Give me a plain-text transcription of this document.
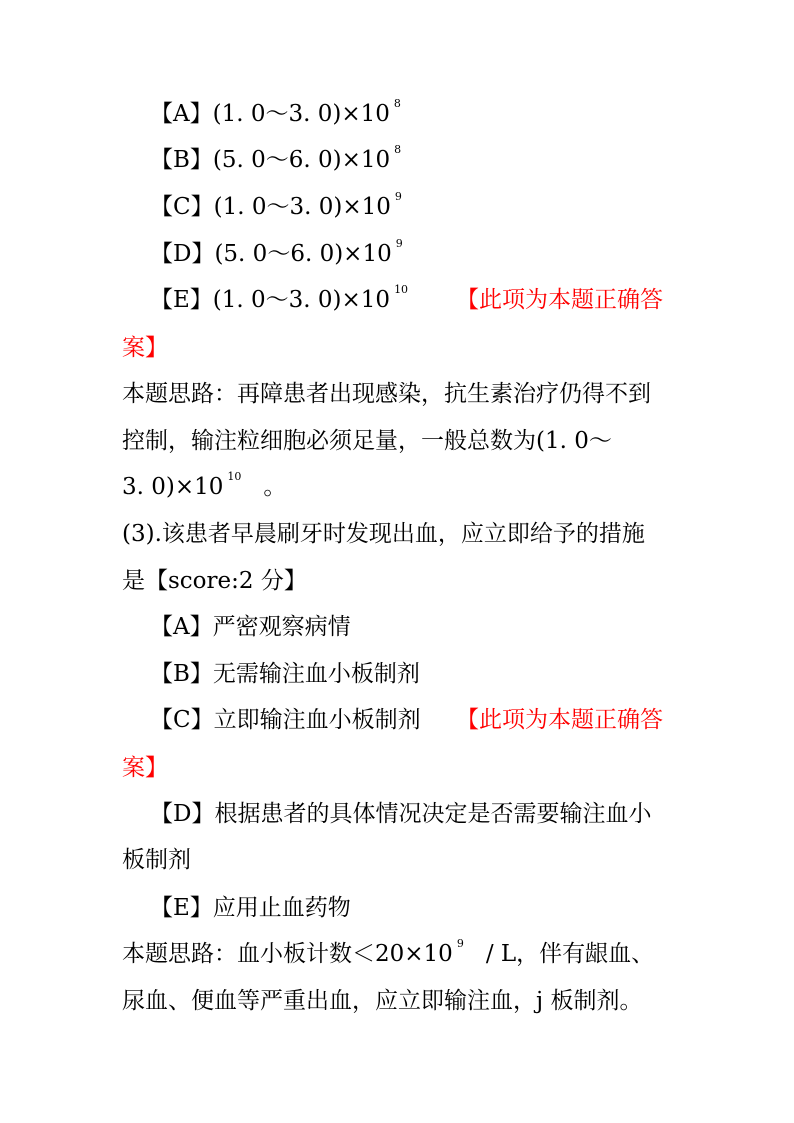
【A】(1. 0～3. 0)×10 $^8$
【B】(5. 0～6. 0)×10 $^8$
【C】(1. 0～3. 0)×10 $^9$
【D】(5. 0～6. 0)×10 $^9$
【E】(1. 0～3. 0)×10 $^{10}$ 【此项为本题正确答
案】
本题思路：再障患者出现感染，抗生素治疗仍得不到
控制，输注粒细胞必须足量，一般总数为(1. 0～
3. 0)×10 $^{10}$ 。
(3).该患者早晨刷牙时发现出血，应立即给予的措施
是【score:2 分】
【A】严密观察病情
【B】无需输注血小板制剂
【C】立即输注血小板制剂 【此项为本题正确答
案】
【D】根据患者的具体情况决定是否需要输注血小
板制剂
【E】应用止血药物
本题思路：血小板计数＜20×10 $^9$ / L，伴有龈血、
尿血、便血等严重出血，应立即输注血，j 板制剂。
